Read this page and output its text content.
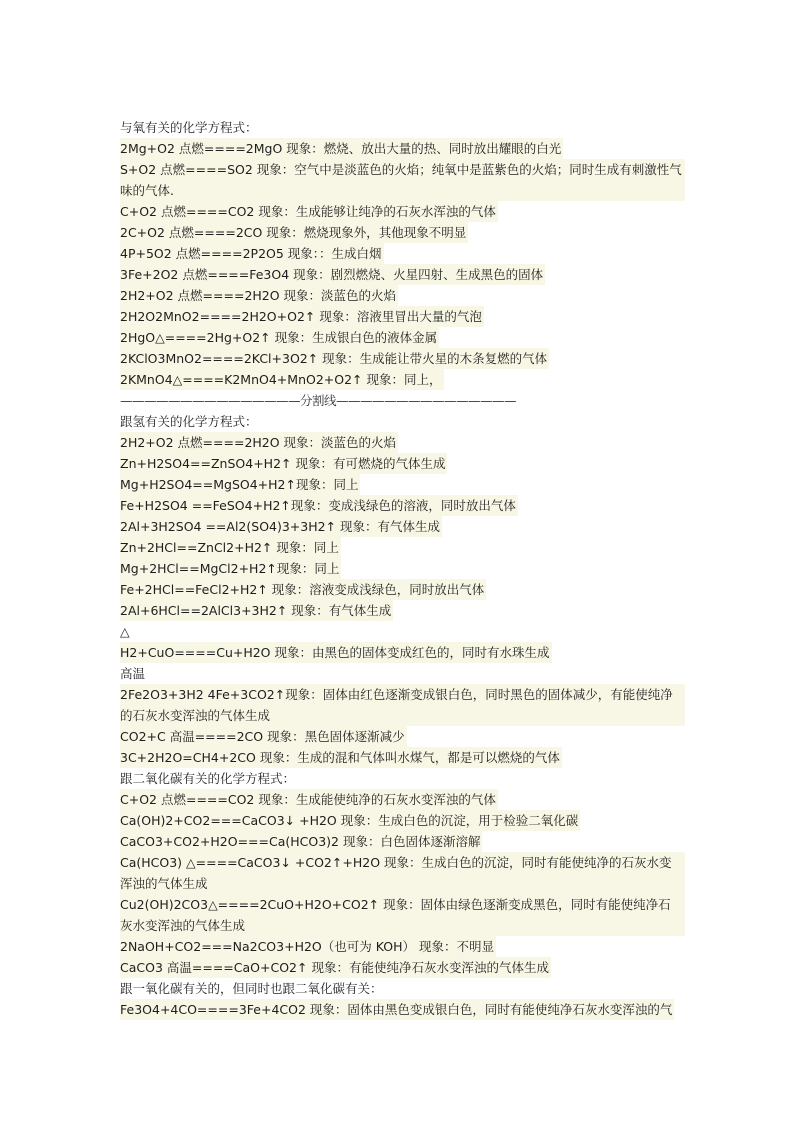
与氧有关的化学方程式：
2Mg+O2 点燃====2MgO 现象：燃烧、放出大量的热、同时放出耀眼的白光
S+O2 点燃====SO2 现象：空气中是淡蓝色的火焰；纯氧中是蓝紫色的火焰；同时生成有刺激性气味的气体.
C+O2 点燃====CO2 现象：生成能够让纯净的石灰水浑浊的气体
2C+O2 点燃====2CO 现象：燃烧现象外，其他现象不明显
4P+5O2 点燃====2P2O5 现象：：生成白烟
3Fe+2O2 点燃====Fe3O4 现象：剧烈燃烧、火星四射、生成黑色的固体
2H2+O2 点燃====2H2O 现象：淡蓝色的火焰
2H2O2MnO2====2H2O+O2↑ 现象：溶液里冒出大量的气泡
2HgO△====2Hg+O2↑ 现象：生成银白色的液体金属
2KClO3MnO2====2KCl+3O2↑ 现象：生成能让带火星的木条复燃的气体
2KMnO4△====K2MnO4+MnO2+O2↑ 现象：同上，
———————————————分割线———————————————
跟氢有关的化学方程式：
2H2+O2 点燃====2H2O 现象：淡蓝色的火焰
Zn+H2SO4==ZnSO4+H2↑ 现象：有可燃烧的气体生成
Mg+H2SO4==MgSO4+H2↑现象：同上
Fe+H2SO4 ==FeSO4+H2↑现象：变成浅绿色的溶液，同时放出气体
2Al+3H2SO4 ==Al2(SO4)3+3H2↑ 现象：有气体生成
Zn+2HCl==ZnCl2+H2↑ 现象：同上
Mg+2HCl==MgCl2+H2↑现象：同上
Fe+2HCl==FeCl2+H2↑ 现象：溶液变成浅绿色，同时放出气体
2Al+6HCl==2AlCl3+3H2↑ 现象：有气体生成
△
H2+CuO====Cu+H2O 现象：由黑色的固体变成红色的，同时有水珠生成
高温
2Fe2O3+3H2 4Fe+3CO2↑现象：固体由红色逐渐变成银白色，同时黑色的固体减少，有能使纯净的石灰水变浑浊的气体生成
CO2+C 高温====2CO 现象：黑色固体逐渐减少
3C+2H2O=CH4+2CO 现象：生成的混和气体叫水煤气，都是可以燃烧的气体
跟二氧化碳有关的化学方程式：
C+O2 点燃====CO2 现象：生成能使纯净的石灰水变浑浊的气体
Ca(OH)2+CO2===CaCO3↓ +H2O 现象：生成白色的沉淀，用于检验二氧化碳
CaCO3+CO2+H2O===Ca(HCO3)2 现象：白色固体逐渐溶解
Ca(HCO3) △====CaCO3↓ +CO2↑+H2O 现象：生成白色的沉淀，同时有能使纯净的石灰水变浑浊的气体生成
Cu2(OH)2CO3△====2CuO+H2O+CO2↑ 现象：固体由绿色逐渐变成黑色，同时有能使纯净石灰水变浑浊的气体生成
2NaOH+CO2===Na2CO3+H2O（也可为 KOH） 现象：不明显
CaCO3 高温====CaO+CO2↑ 现象：有能使纯净石灰水变浑浊的气体生成
跟一氧化碳有关的，但同时也跟二氧化碳有关：
Fe3O4+4CO====3Fe+4CO2 现象：固体由黑色变成银白色，同时有能使纯净石灰水变浑浊的气
